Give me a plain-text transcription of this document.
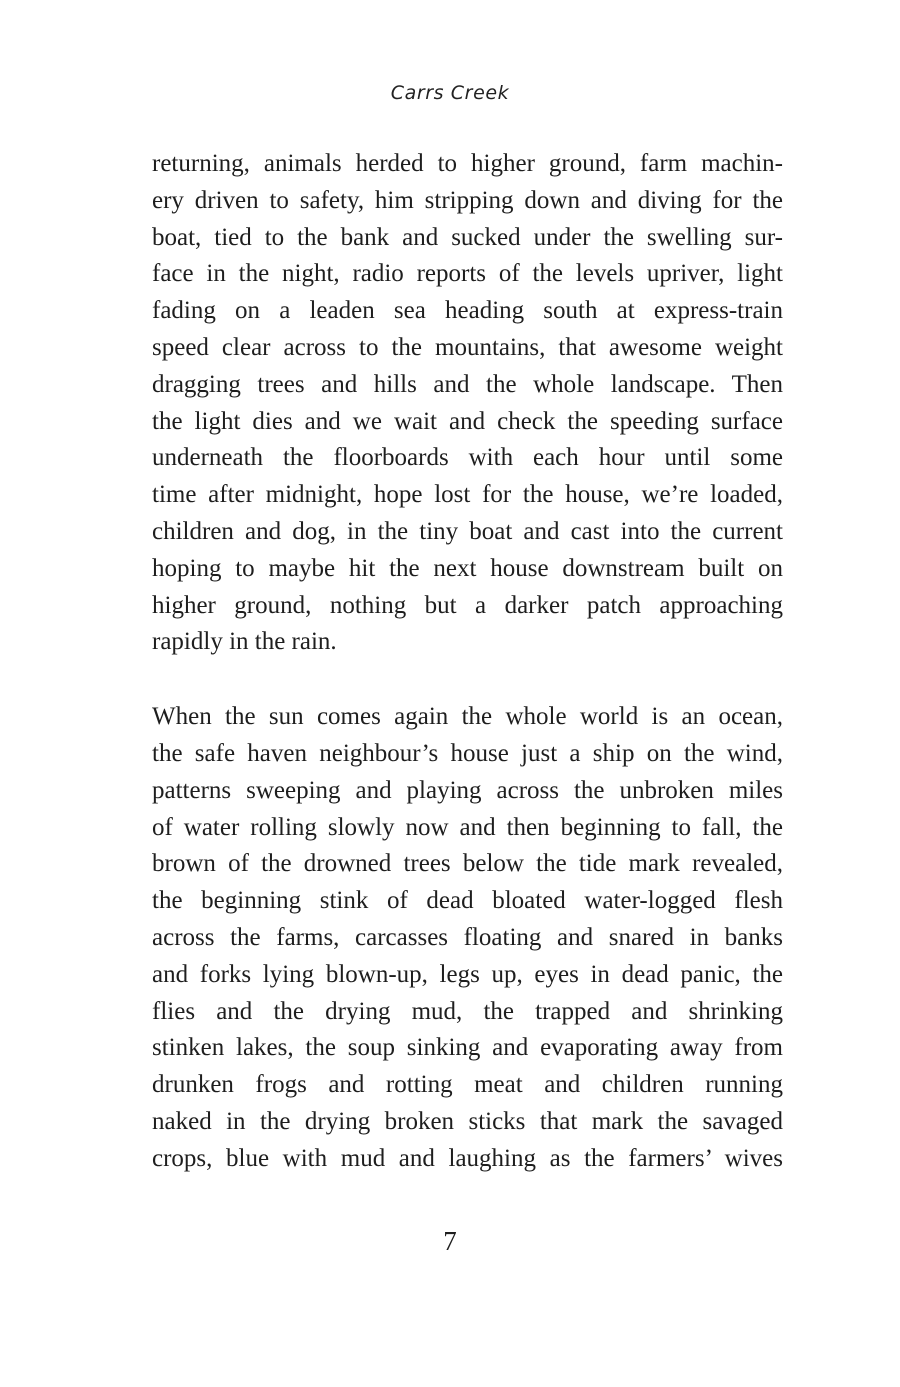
Carrs Creek
returning, animals herded to higher ground, farm machin-
ery driven to safety, him stripping down and diving for the
boat, tied to the bank and sucked under the swelling sur-
face in the night, radio reports of the levels upriver, light
fading on a leaden sea heading south at express-train
speed clear across to the mountains, that awesome weight
dragging trees and hills and the whole landscape. Then
the light dies and we wait and check the speeding surface
underneath the floorboards with each hour until some
time after midnight, hope lost for the house, we’re loaded,
children and dog, in the tiny boat and cast into the current
hoping to maybe hit the next house downstream built on
higher ground, nothing but a darker patch approaching
rapidly in the rain.
When the sun comes again the whole world is an ocean,
the safe haven neighbour’s house just a ship on the wind,
patterns sweeping and playing across the unbroken miles
of water rolling slowly now and then beginning to fall, the
brown of the drowned trees below the tide mark revealed,
the beginning stink of dead bloated water-logged flesh
across the farms, carcasses floating and snared in banks
and forks lying blown-up, legs up, eyes in dead panic, the
flies and the drying mud, the trapped and shrinking
stinken lakes, the soup sinking and evaporating away from
drunken frogs and rotting meat and children running
naked in the drying broken sticks that mark the savaged
crops, blue with mud and laughing as the farmers’ wives
7
